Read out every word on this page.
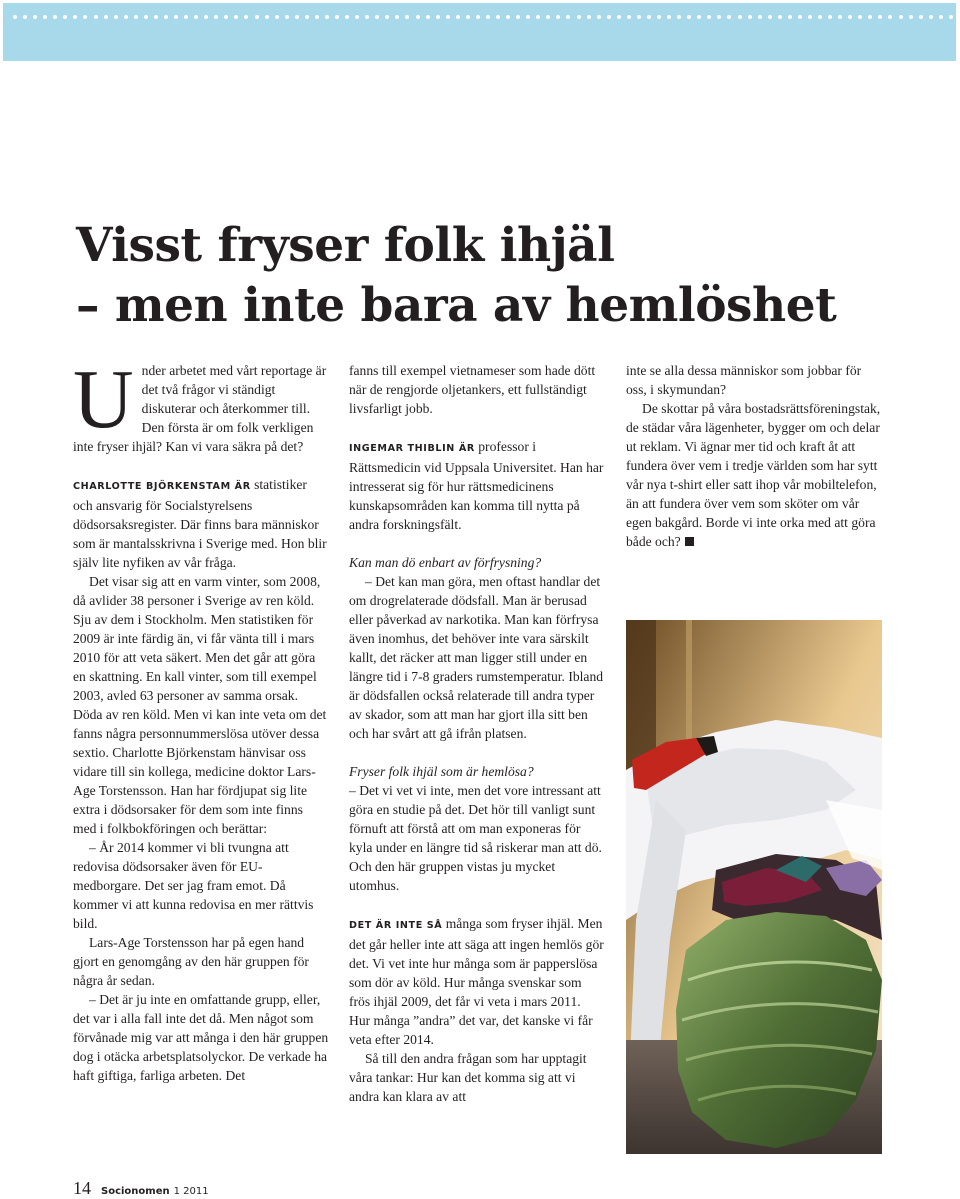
Visst fryser folk ihjäl
– men inte bara av hemlöshet

Under arbetet med vårt reportage är det två frågor vi ständigt diskuterar och återkommer till. Den första är om folk verkligen inte fryser ihjäl? Kan vi vara säkra på det?

CHARLOTTE BJÖRKENSTAM ÄR statistiker och ansvarig för Socialstyrelsens dödsorsaksregister. Där finns bara människor som är mantalsskrivna i Sverige med. Hon blir själv lite nyfiken av vår fråga.

Det visar sig att en varm vinter, som 2008, då avlider 38 personer i Sverige av ren köld. Sju av dem i Stockholm. Men statistiken för 2009 är inte färdig än, vi får vänta till i mars 2010 för att veta säkert. Men det går att göra en skattning. En kall vinter, som till exempel 2003, avled 63 personer av samma orsak. Döda av ren köld. Men vi kan inte veta om det fanns några personnummerslösa utöver dessa sextio. Charlotte Björkenstam hänvisar oss vidare till sin kollega, medicine doktor Lars-Age Torstensson. Han har fördjupat sig lite extra i dödsorsaker för dem som inte finns med i folkbokföringen och berättar:

– År 2014 kommer vi bli tvungna att redovisa dödsorsaker även för EU-medborgare. Det ser jag fram emot. Då kommer vi att kunna redovisa en mer rättvis bild.

Lars-Age Torstensson har på egen hand gjort en genomgång av den här gruppen för några år sedan.

– Det är ju inte en omfattande grupp, eller, det var i alla fall inte det då. Men något som förvånade mig var att många i den här gruppen dog i otäcka arbetsplatsolyckor. De verkade ha haft giftiga, farliga arbeten. Det

fanns till exempel vietnameser som hade dött när de rengjorde oljetankers, ett fullständigt livsfarligt jobb.

INGEMAR THIBLIN ÄR professor i Rättsmedicin vid Uppsala Universitet. Han har intresserat sig för hur rättsmedicinens kunskapsområden kan komma till nytta på andra forskningsfält.

Kan man dö enbart av förfrysning?

– Det kan man göra, men oftast handlar det om drogrelaterade dödsfall. Man är berusad eller påverkad av narkotika. Man kan förfrysa även inomhus, det behöver inte vara särskilt kallt, det räcker att man ligger still under en längre tid i 7-8 graders rumstemperatur. Ibland är dödsfallen också relaterade till andra typer av skador, som att man har gjort illa sitt ben och har svårt att gå ifrån platsen.

Fryser folk ihjäl som är hemlösa?

– Det vi vet vi inte, men det vore intressant att göra en studie på det. Det hör till vanligt sunt förnuft att förstå att om man exponeras för kyla under en längre tid så riskerar man att dö. Och den här gruppen vistas ju mycket utomhus.

DET ÄR INTE SÅ många som fryser ihjäl. Men det går heller inte att säga att ingen hemlös gör det. Vi vet inte hur många som är papperslösa som dör av köld. Hur många svenskar som frös ihjäl 2009, det får vi veta i mars 2011. Hur många ”andra” det var, det kanske vi får veta efter 2014.

Så till den andra frågan som har upptagit våra tankar: Hur kan det komma sig att vi andra kan klara av att

inte se alla dessa människor som jobbar för oss, i skymundan?

De skottar på våra bostadsrättsföreningstak, de städar våra lägenheter, bygger om och delar ut reklam. Vi ägnar mer tid och kraft åt att fundera över vem i tredje världen som har sytt vår nya t-shirt eller satt ihop vår mobiltelefon, än att fundera över vem som sköter om vår egen bakgård. Borde vi inte orka med att göra både och?

14 Socionomen 1 2011
